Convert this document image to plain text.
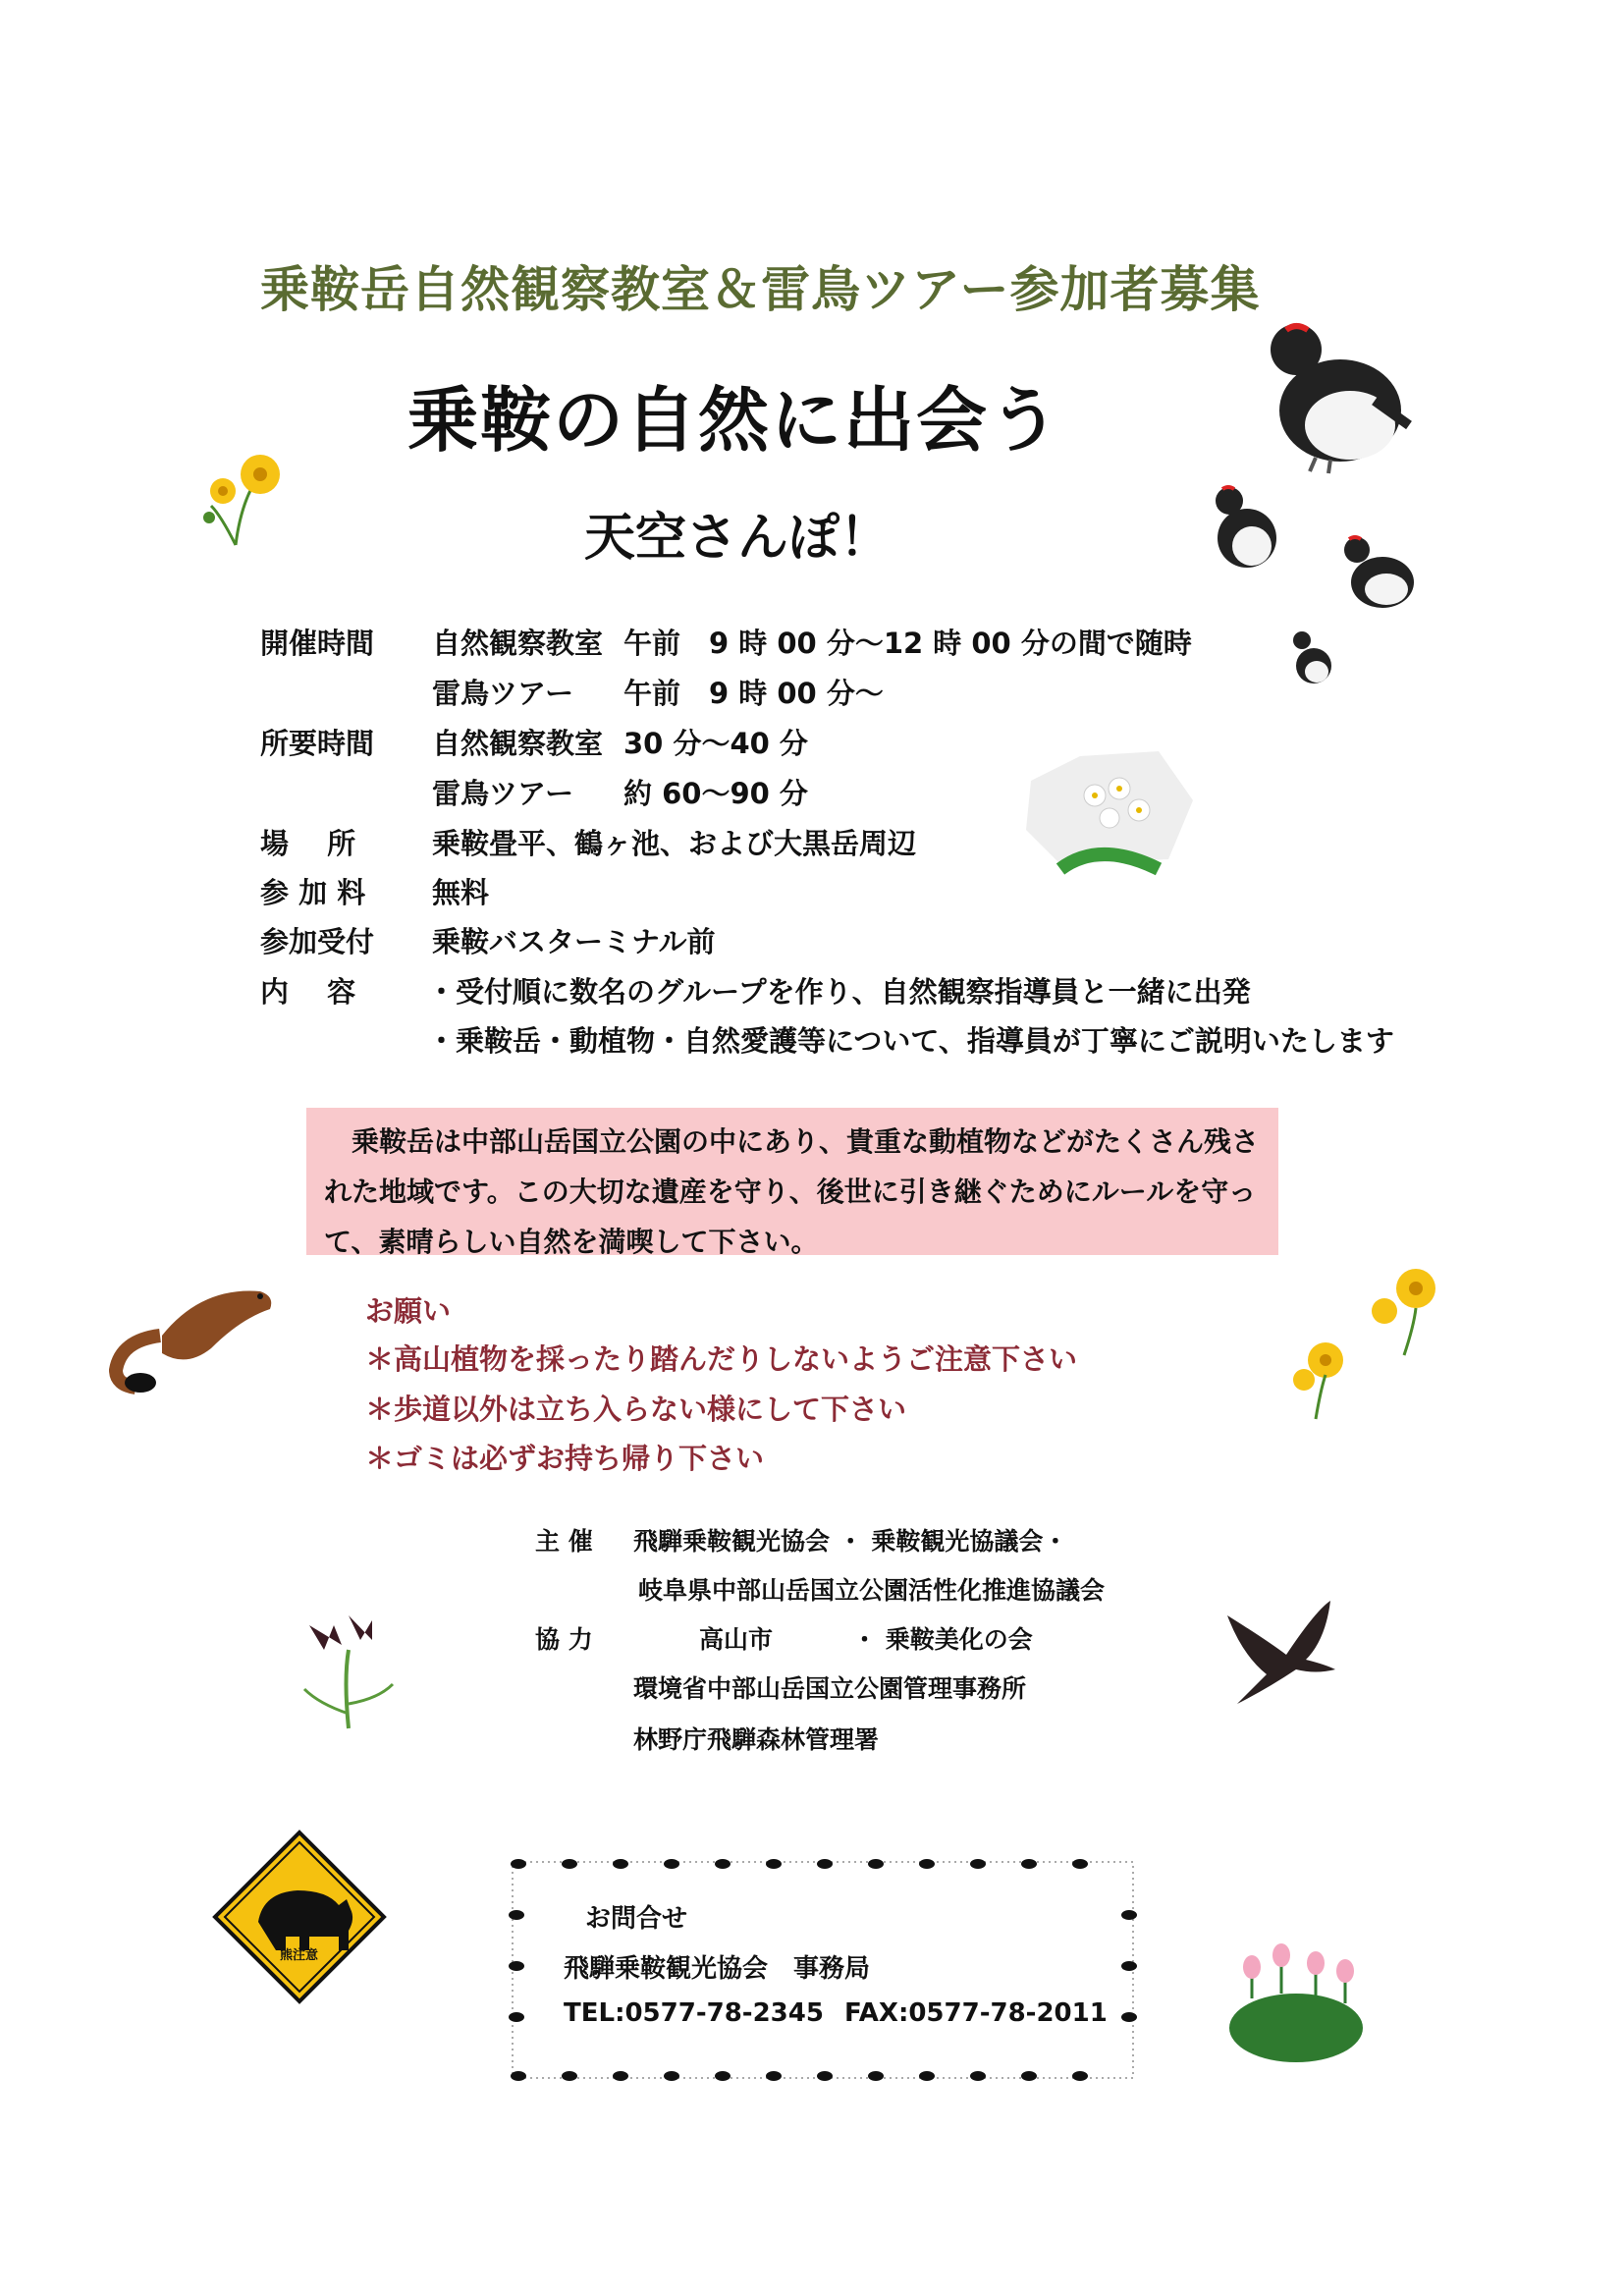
乗鞍岳自然観察教室＆雷鳥ツアー参加者募集
乗鞍の自然に出会う
天空さんぽ！
開催時間 自然観察教室 午前　9 時 00 分～12 時 00 分の間で随時
雷鳥ツアー 午前　9 時 00 分～
所要時間 自然観察教室 30 分～40 分
雷鳥ツアー 約 60～90 分
場　 所	乗鞍畳平、鶴ヶ池、および大黒岳周辺
参 加 料 無料
参加受付 乗鞍バスターミナル前
内　 容	・受付順に数名のグループを作り、自然観察指導員と一緒に出発
・乗鞍岳・動植物・自然愛護等について、指導員が丁寧にご説明いたします
　乗鞍岳は中部山岳国立公園の中にあり、貴重な動植物などがたくさん残された地域です。この大切な遺産を守り、後世に引き継ぐためにルールを守って、素晴らしい自然を満喫して下さい。
お願い
＊高山植物を採ったり踏んだりしないようご注意下さい
＊歩道以外は立ち入らない様にして下さい
＊ゴミは必ずお持ち帰り下さい
主 催 飛騨乗鞍観光協会 ・ 乗鞍観光協議会・
岐阜県中部山岳国立公園活性化推進協議会
協 力	高山市	・ 乗鞍美化の会
環境省中部山岳国立公園管理事務所
林野庁飛騨森林管理署
お問合せ
飛騨乗鞍観光協会　事務局
TEL:0577-78-2345 FAX:0577-78-2011
熊注意
